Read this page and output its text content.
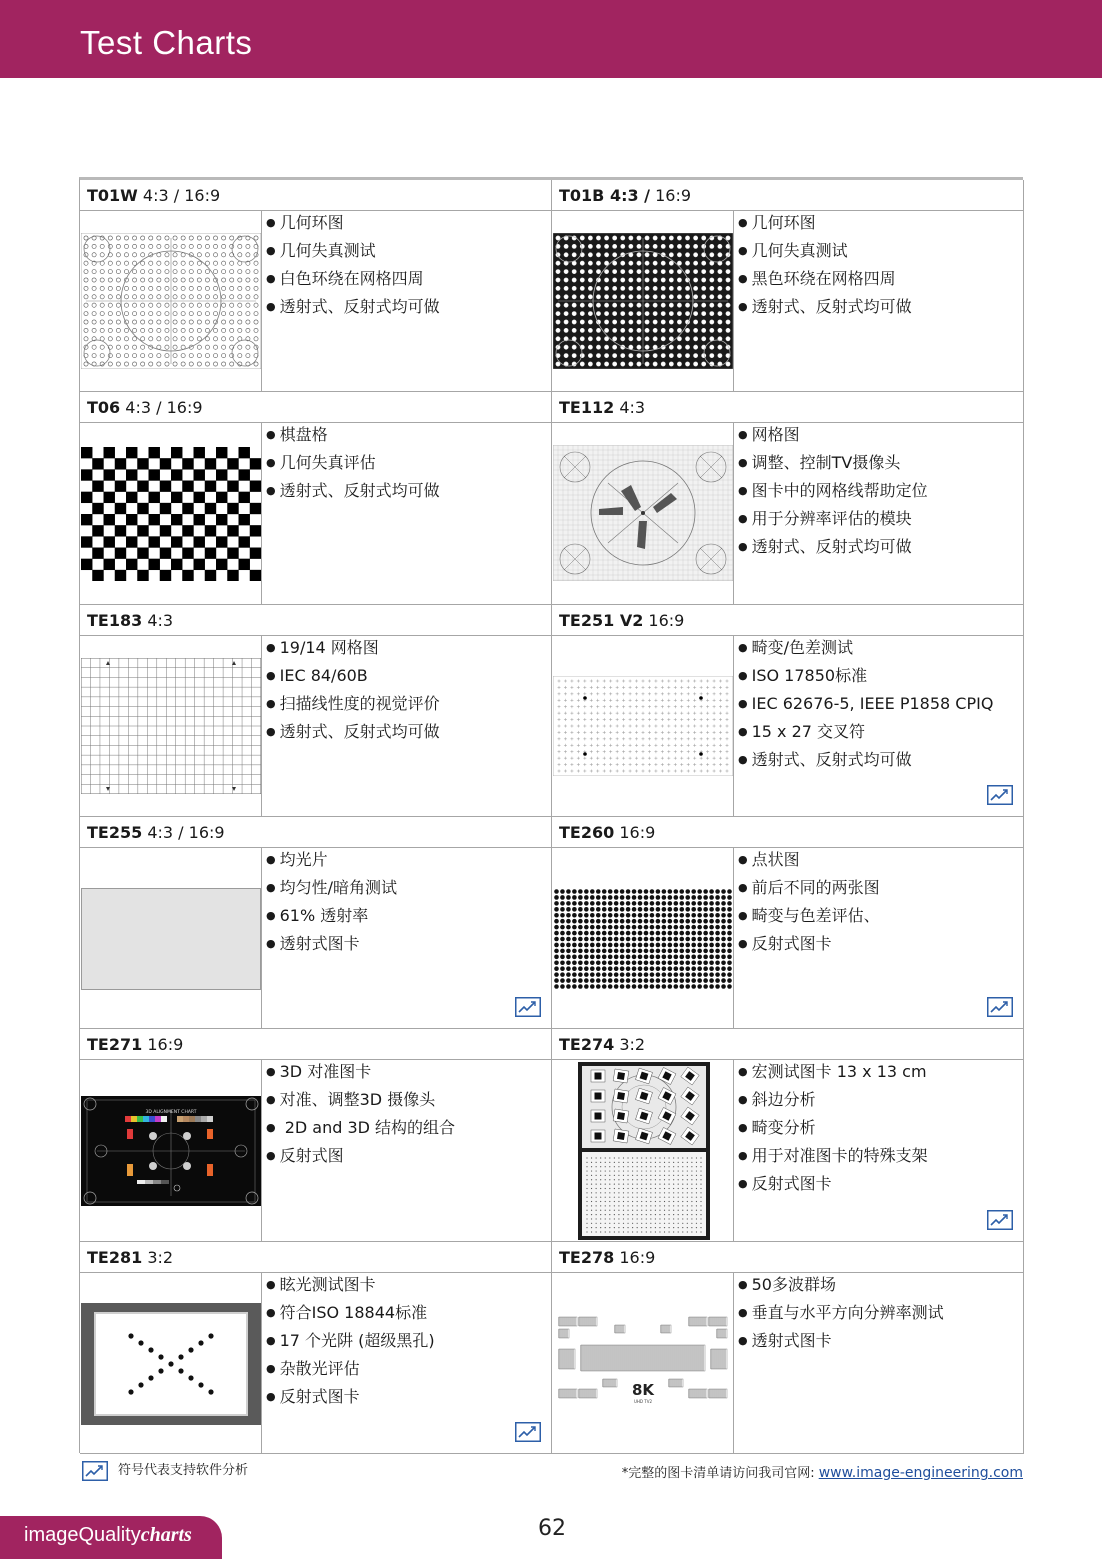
Test Charts
T01W 4:3 / 16:9
● 几何环图
● 几何失真测试
● 白色环绕在网格四周
● 透射式、反射式均可做
T01B 4:3 / 16:9
● 几何环图
● 几何失真测试
● 黑色环绕在网格四周
● 透射式、反射式均可做
T06 4:3 / 16:9
● 棋盘格
● 几何失真评估
● 透射式、反射式均可做
TE112 4:3
● 网格图
● 调整、控制TV摄像头
● 图卡中的网格线帮助定位
● 用于分辨率评估的模块
● 透射式、反射式均可做
TE183 4:3
● 19/14 网格图
● IEC 84/60B
● 扫描线性度的视觉评价
● 透射式、反射式均可做
TE251 V2 16:9
● 畸变/色差测试
● ISO 17850标准
● IEC 62676-5, IEEE P1858 CPIQ
● 15 x 27 交叉符
● 透射式、反射式均可做
TE255 4:3 / 16:9
● 均光片
● 均匀性/暗角测试
● 61% 透射率
● 透射式图卡
TE260 16:9
● 点状图
● 前后不同的两张图
● 畸变与色差评估、
● 反射式图卡
TE271 16:9
3D ALIGNMENT CHART
● 3D 对准图卡
● 对准、调整3D 摄像头
● 2D and 3D 结构的组合
● 反射式图
TE274 3:2
● 宏测试图卡 13 x 13 cm
● 斜边分析
● 畸变分析
● 用于对准图卡的特殊支架
● 反射式图卡
TE281 3:2
● 眩光测试图卡
● 符合ISO 18844标准
● 17 个光阱 (超级黑孔)
● 杂散光评估
● 反射式图卡
TE278 16:9
8K
UHD TV2
● 50多波群场
● 垂直与水平方向分辨率测试
● 透射式图卡
符号代表支持软件分析	*完整的图卡清单请访问我司官网: www.image-engineering.com
imageQualitycharts	62
